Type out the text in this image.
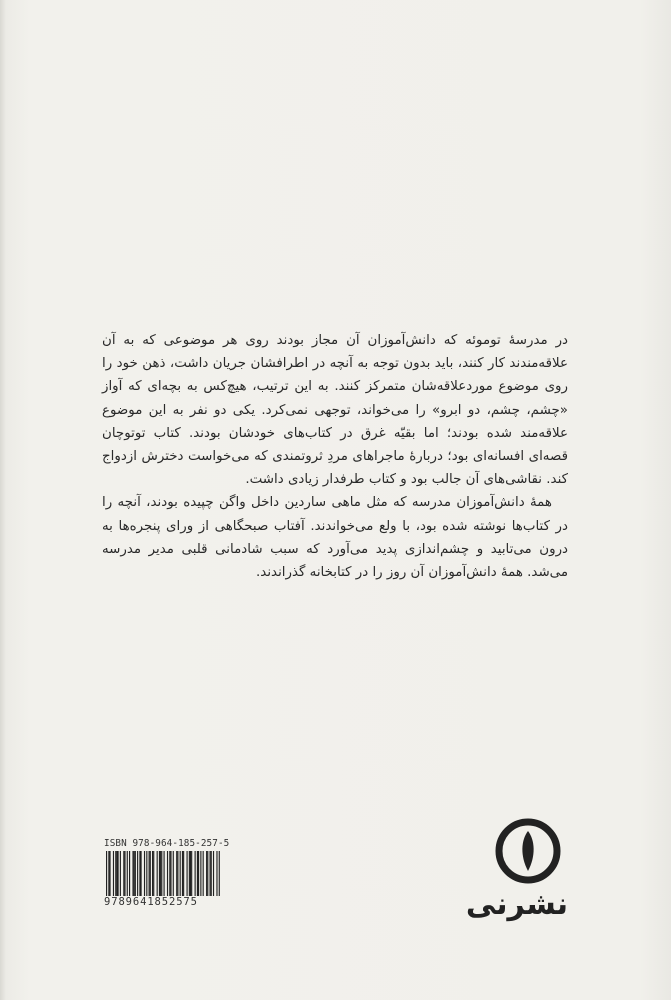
در مدرسهٔ توموئه که دانش‌آموزان آن مجاز بودند روی هر موضوعی که به آن علاقه‌مندند کار کنند، باید بدون توجه به آنچه در اطرافشان جریان داشت، ذهن خود را روی موضوع موردعلاقه‌شان متمرکز کنند. به این ترتیب، هیچ‌کس به بچه‌ای که آواز «چشم، چشم، دو ابرو» را می‌خواند، توجهی نمی‌کرد. یکی دو نفر به این موضوع علاقه‌مند شده بودند؛ اما بقیّه غرق در کتاب‌های خودشان بودند. کتاب توتوچان قصه‌ای افسانه‌ای بود؛ دربارهٔ ماجراهای مردِ ثروتمندی که می‌خواست دخترش ازدواج کند. نقاشی‌های آن جالب بود و کتاب طرفدار زیادی داشت.

همهٔ دانش‌آموزان مدرسه که مثل ماهی ساردین داخل واگن چپیده بودند، آنچه را در کتاب‌ها نوشته شده بود، با ولع می‌خواندند. آفتاب صبحگاهی از ورای پنجره‌ها به درون می‌تابید و چشم‌اندازی پدید می‌آورد که سبب شادمانی قلبی مدیر مدرسه می‌شد. همهٔ دانش‌آموزان آن روز را در کتابخانه گذراندند.

ISBN 978-964-185-257-5
9789641852575	نشرنی
